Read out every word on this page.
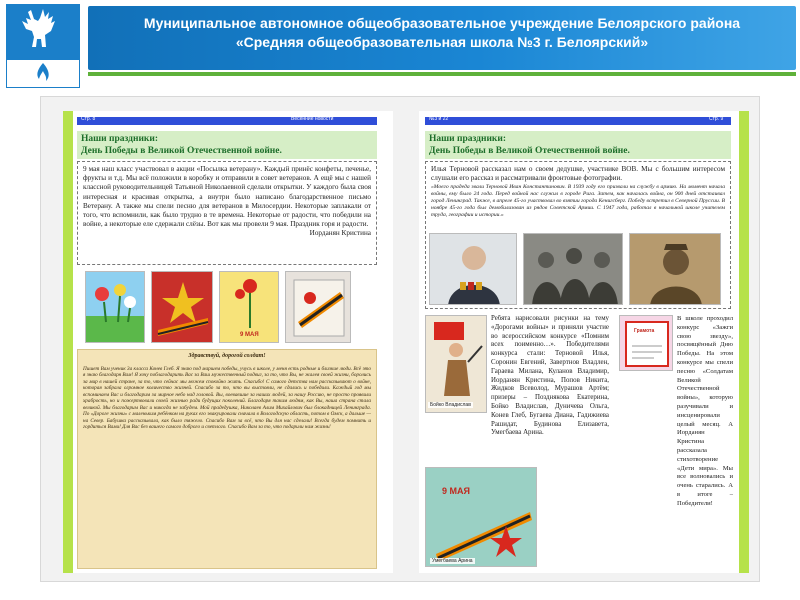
Муниципальное автономное общеобразовательное учреждение Белоярского района
«Средняя общеобразовательная школа №3 г. Белоярский»
Стр. 8	Весенние новости
Наши праздники:
День Победы в Великой Отечественной войне.
9 мая наш класс участвовал в акции «Посылка ветерану». Каждый принёс конфеты, печенье, фрукты и т.д. Мы всё положили в коробку и отправили в совет ветеранов. А ещё мы с нашей классной руководительницей Татьяной Николаевной сделали открытки. У каждого была своя интересная и красивая открытка, а внутри было написано благодарственное письмо Ветерану. А также мы спели песню для ветеранов в Милосердии. Некоторые заплакали от того, что вспомнили, как было трудно в те времена. Некоторые от радости, что победили на войне, а некоторые еле сдержали слёзы. Вот как мы провели 9 мая. Праздник горя и радости.
Иорданян Кристина
9 МАЯ
Здравствуй, дорогой солдат!
Пишет Вам ученик 3а класса Конев Глеб. Я знаю под маршем победы, учусь в школе, у меня есть родные и близкие люди. Всё это я знаю благодаря Вам! Я хочу поблагодарить Вас за Ваш мужественный подвиг, за то, что Вы, не жалея своей жизни, боролись за мир в нашей стране, за то, что сейчас мы можем спокойно жить. Спасибо! С самого детства нам рассказывают о войне, которая забрала огромное количество жизней. Спасибо за то, что вы выстояли, не сдались и победили. Каждый год мы вспоминаем Вас и благодарим за мирное небо над головой. Вы, воевавшие за наших людей, за нашу Россию, не просто проявили храбрость, но и пожертвовали своей жизнью ради будущих поколений. Благодаря таким людям, как Вы, наша страна стала великой. Мы благодарим Вас и никогда не забудем. Мой прадедушка, Николаев Алим Михайлович был блокадницей Ленинграда. По «Дороге жизни» с маленьким ребёнком на руках его эвакуировали сначала в Вологодскую область, потом в Омск, а дальше — на Север. Бабушка рассказывала, как было тяжело. Спасибо Вам за всё, что Вы для нас сделали! Всегда будем помнить и гордиться Вами! Для Вас без вашего самого доброго и светлого. Спасибо Вам за то, что подарили нам жизнь!
№3 и 22	Стр. 9
Наши праздники:
День Победы в Великой Отечественной войне.
Илья Терновой рассказал нам о своем дедушке, участнике ВОВ. Мы с большим интересом слушали его рассказ и рассматривали фронтовые фотографии.
«Моего прадеда звали Терновой Иван Константинович. В 1939 году его призвали на службу в армию. На момент начала войны, ему было 24 года. Перед войной нас служил в городе Рига. Затем, как началась война, он 900 дней отстаивал город Ленинград. Также, в апреле 45-го участвовал во взятии города Кенигсберг. Победу встретил в Северной Пруссии. В ноябре 45-го года был демобилизован из рядов Советской Армии. С 1947 года, работал в начальной школе учителем труда, географии и истории.»
Бойко Владислав
Ребята нарисовали рисунки на тему «Дорогами войны» и приняли участие во всероссийском конкурсе «Помним всех поименно…». Победителями конкурса стали: Терновой Илья, Соронин Евгений, Завертнов Владлен, Гараева Милана, Куланов Владимир, Иорданян Кристина, Попов Никита, Жидков Всеволод, Мурашов Артём; призеры – Позднякова Екатерина, Бойко Владислав, Дуничева Ольга, Конев Глеб, Бугаева Диана, Гадижиева Рашидат, Будинова Елизавета, Умегбаева Арина.
Грамота
В школе проходил конкурс «Зажги свою звезду», посвящённый Дню Победы. На этом конкурсе мы спели песню «Солдатам Великой Отечественной войны», которую разучивали и инсценировали целый месяц. А Иорданян Кристина рассказала стихотворение «Дети мира». Мы все волновались и очень старались. А в итоге – Победители!
9 МАЯ
Умегбаева Арина
